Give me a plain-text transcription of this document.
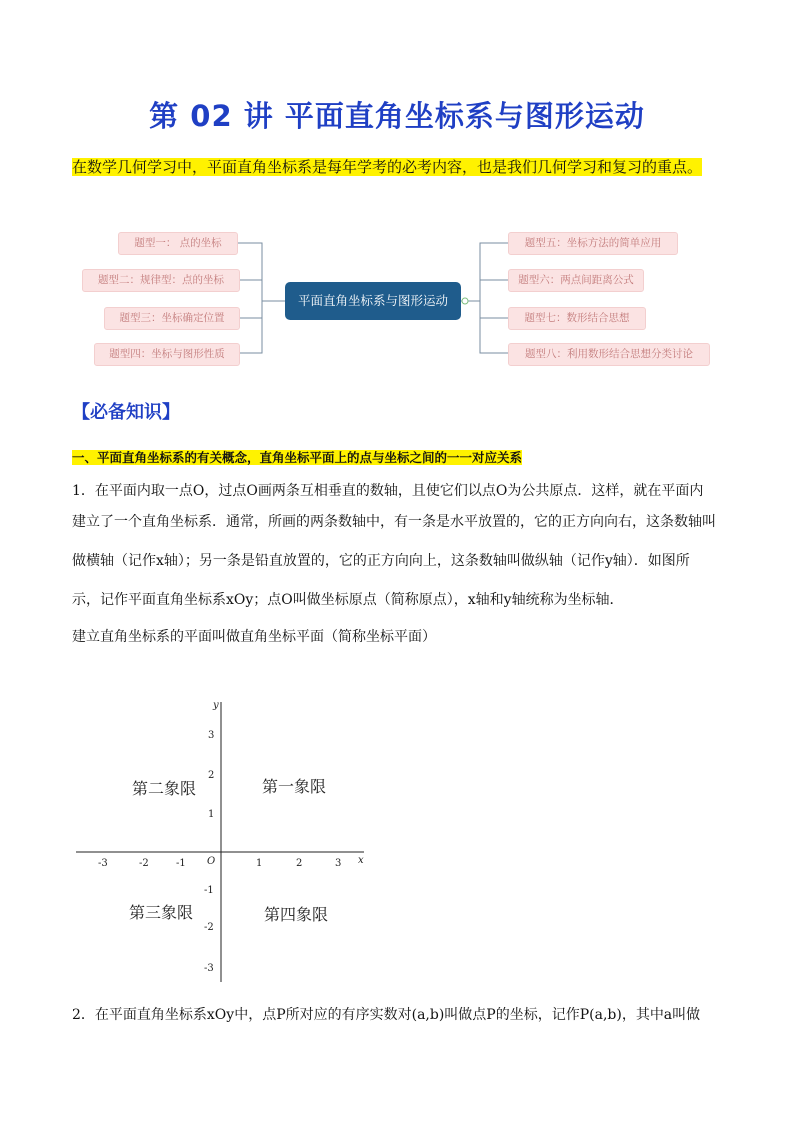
第 02 讲 平面直角坐标系与图形运动
在数学几何学习中，平面直角坐标系是每年学考的必考内容，也是我们几何学习和复习的重点。
题型一： 点的坐标
题型二：规律型：点的坐标
题型三：坐标确定位置
题型四：坐标与图形性质
平面直角坐标系与图形运动
题型五：坐标方法的简单应用
题型六：两点间距离公式
题型七：数形结合思想
题型八：利用数形结合思想分类讨论
【必备知识】
一、平面直角坐标系的有关概念，直角坐标平面上的点与坐标之间的一一对应关系
1．在平面内取一点O，过点O画两条互相垂直的数轴，且使它们以点O为公共原点．这样，就在平面内
建立了一个直角坐标系．通常，所画的两条数轴中，有一条是水平放置的，它的正方向向右，这条数轴叫
做横轴（记作x轴）；另一条是铅直放置的，它的正方向向上，这条数轴叫做纵轴（记作y轴）．如图所
示，记作平面直角坐标系xOy；点O叫做坐标原点（简称原点），x轴和y轴统称为坐标轴．
建立直角坐标系的平面叫做直角坐标平面（简称坐标平面）
y
x
O
-3	-2	-1	1	2	3
3
2
1
-1
-2
-3
第一象限
第二象限
第三象限	第四象限
2．在平面直角坐标系xOy中，点P所对应的有序实数对(a,b)叫做点P的坐标，记作P(a,b)，其中a叫做
